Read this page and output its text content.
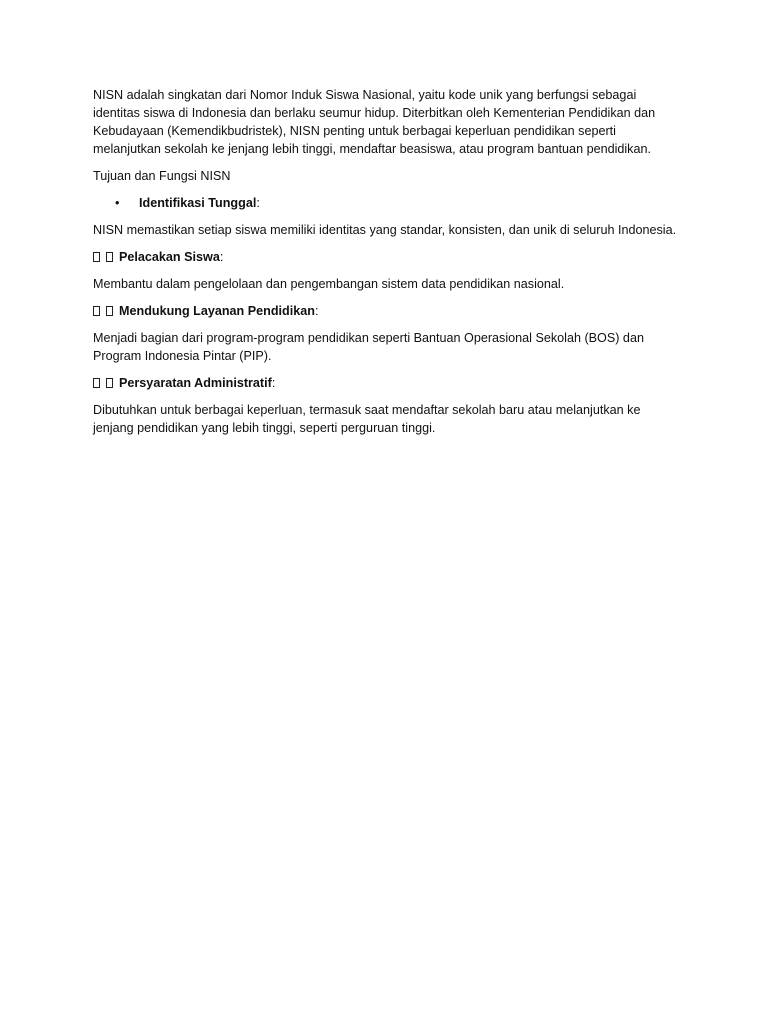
NISN adalah singkatan dari Nomor Induk Siswa Nasional, yaitu kode unik yang berfungsi sebagai identitas siswa di Indonesia dan berlaku seumur hidup. Diterbitkan oleh Kementerian Pendidikan dan Kebudayaan (Kemendikbudristek), NISN penting untuk berbagai keperluan pendidikan seperti melanjutkan sekolah ke jenjang lebih tinggi, mendaftar beasiswa, atau program bantuan pendidikan.

Tujuan dan Fungsi NISN

• Identifikasi Tunggal:

NISN memastikan setiap siswa memiliki identitas yang standar, konsisten, dan unik di seluruh Indonesia.

Pelacakan Siswa:

Membantu dalam pengelolaan dan pengembangan sistem data pendidikan nasional.

Mendukung Layanan Pendidikan:

Menjadi bagian dari program-program pendidikan seperti Bantuan Operasional Sekolah (BOS) dan Program Indonesia Pintar (PIP).

Persyaratan Administratif:

Dibutuhkan untuk berbagai keperluan, termasuk saat mendaftar sekolah baru atau melanjutkan ke jenjang pendidikan yang lebih tinggi, seperti perguruan tinggi.
